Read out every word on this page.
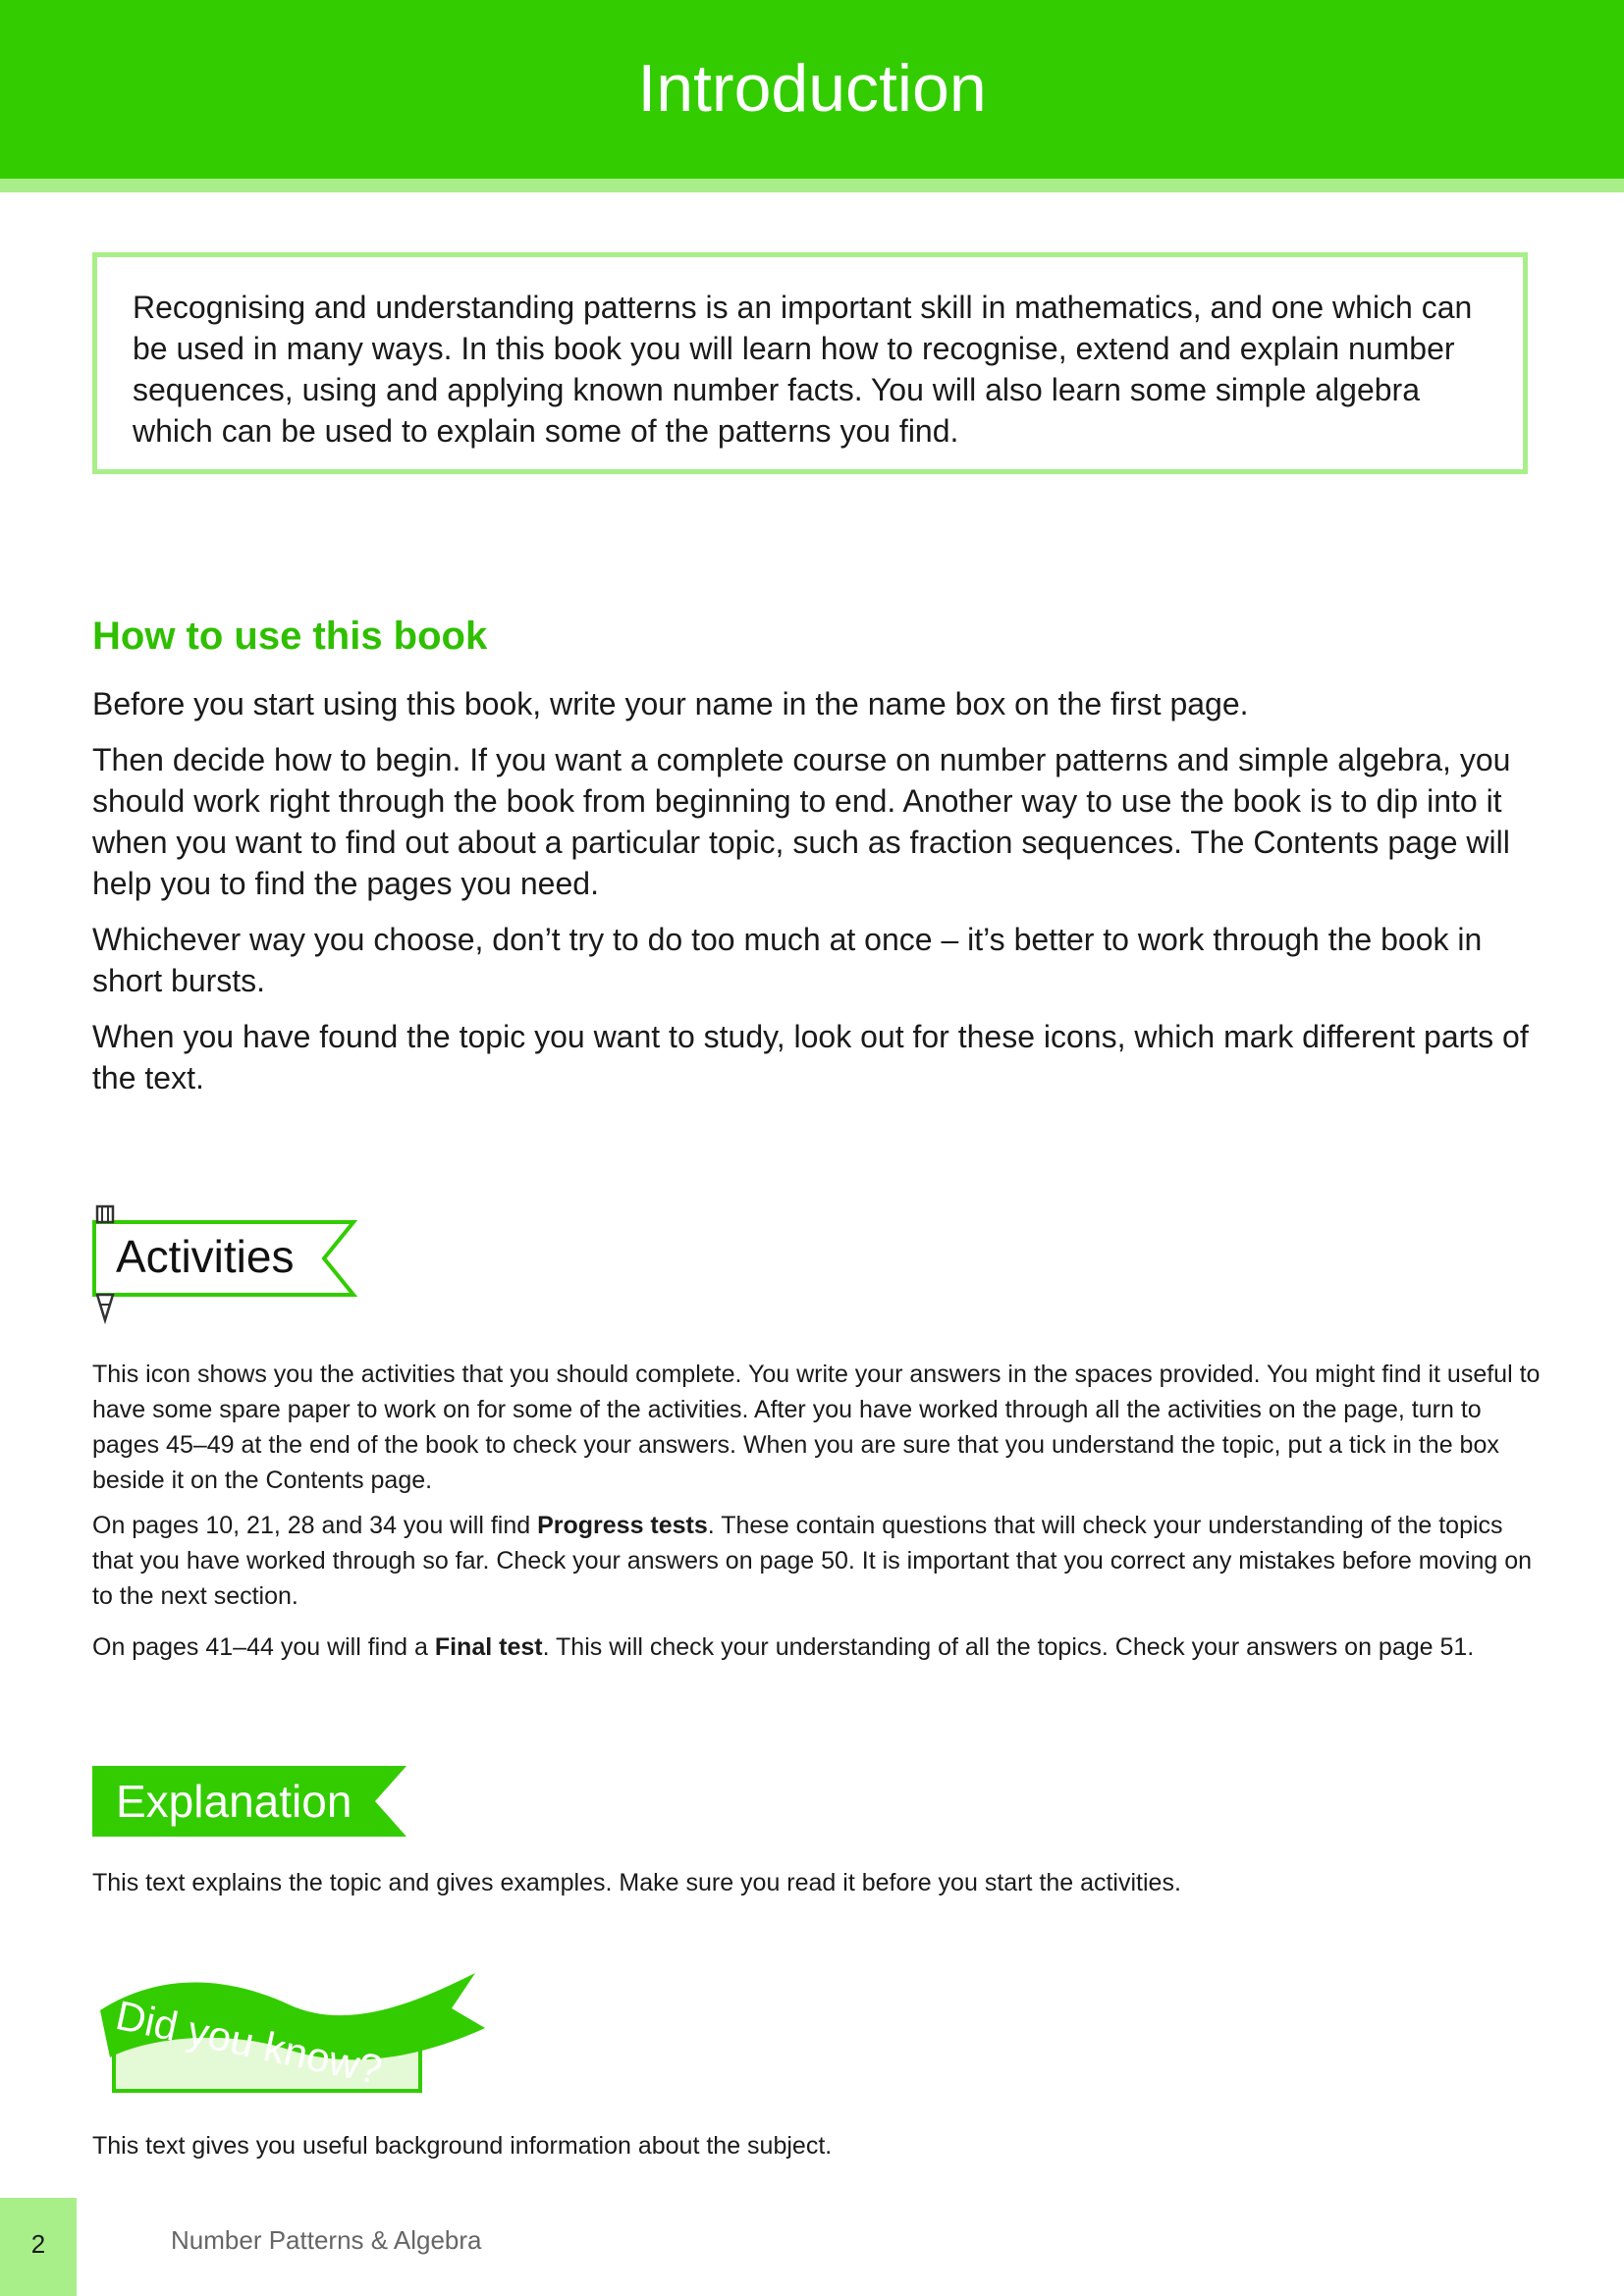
Introduction

Recognising and understanding patterns is an important skill in mathematics, and one which can be used in many ways. In this book you will learn how to recognise, extend and explain number sequences, using and applying known number facts. You will also learn some simple algebra which can be used to explain some of the patterns you find.

How to use this book

Before you start using this book, write your name in the name box on the first page.

Then decide how to begin. If you want a complete course on number patterns and simple algebra, you should work right through the book from beginning to end. Another way to use the book is to dip into it when you want to find out about a particular topic, such as fraction sequences. The Contents page will help you to find the pages you need.

Whichever way you choose, don’t try to do too much at once – it’s better to work through the book in short bursts.

When you have found the topic you want to study, look out for these icons, which mark different parts of the text.

Activities

This icon shows you the activities that you should complete. You write your answers in the spaces provided. You might find it useful to have some spare paper to work on for some of the activities. After you have worked through all the activities on the page, turn to pages 45–49 at the end of the book to check your answers. When you are sure that you understand the topic, put a tick in the box beside it on the Contents page.

On pages 10, 21, 28 and 34 you will find Progress tests. These contain questions that will check your understanding of the topics that you have worked through so far. Check your answers on page 50. It is important that you correct any mistakes before moving on to the next section.

On pages 41–44 you will find a Final test. This will check your understanding of all the topics. Check your answers on page 51.

Explanation

This text explains the topic and gives examples. Make sure you read it before you start the activities.

Did you know?

This text gives you useful background information about the subject.

2	Number Patterns & Algebra
